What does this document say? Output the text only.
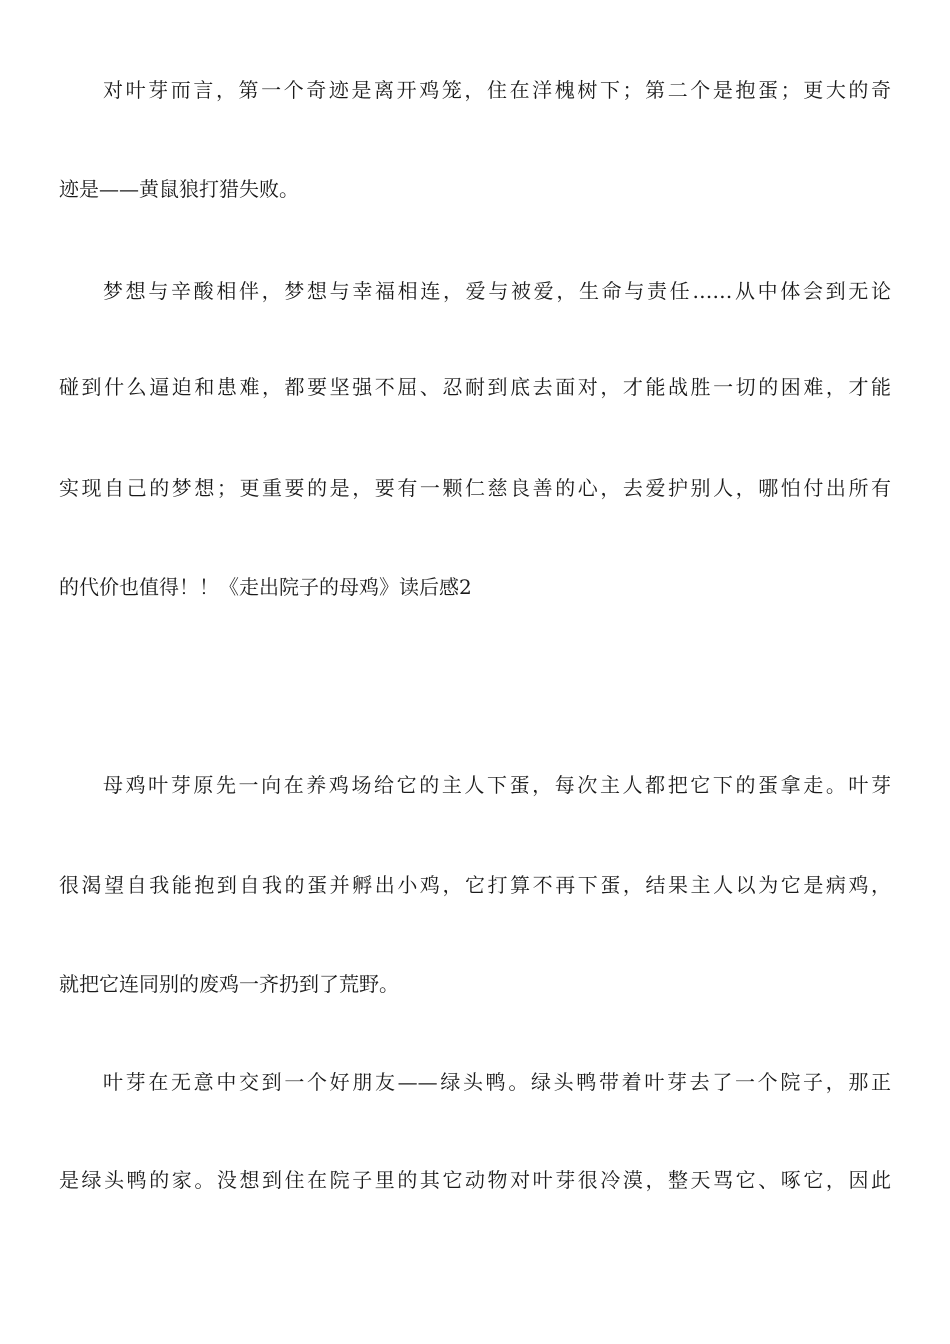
对叶芽而言，第一个奇迹是离开鸡笼，住在洋槐树下；第二个是抱蛋；更大的奇
迹是——黄鼠狼打猎失败。
梦想与辛酸相伴，梦想与幸福相连，爱与被爱，生命与责任……从中体会到无论
碰到什么逼迫和患难，都要坚强不屈、忍耐到底去面对，才能战胜一切的困难，才能
实现自己的梦想；更重要的是，要有一颗仁慈良善的心，去爱护别人，哪怕付出所有
的代价也值得！！《走出院子的母鸡》读后感2
母鸡叶芽原先一向在养鸡场给它的主人下蛋，每次主人都把它下的蛋拿走。叶芽
很渴望自我能抱到自我的蛋并孵出小鸡，它打算不再下蛋，结果主人以为它是病鸡，
就把它连同别的废鸡一齐扔到了荒野。
叶芽在无意中交到一个好朋友——绿头鸭。绿头鸭带着叶芽去了一个院子，那正
是绿头鸭的家。没想到住在院子里的其它动物对叶芽很冷漠，整天骂它、啄它，因此
